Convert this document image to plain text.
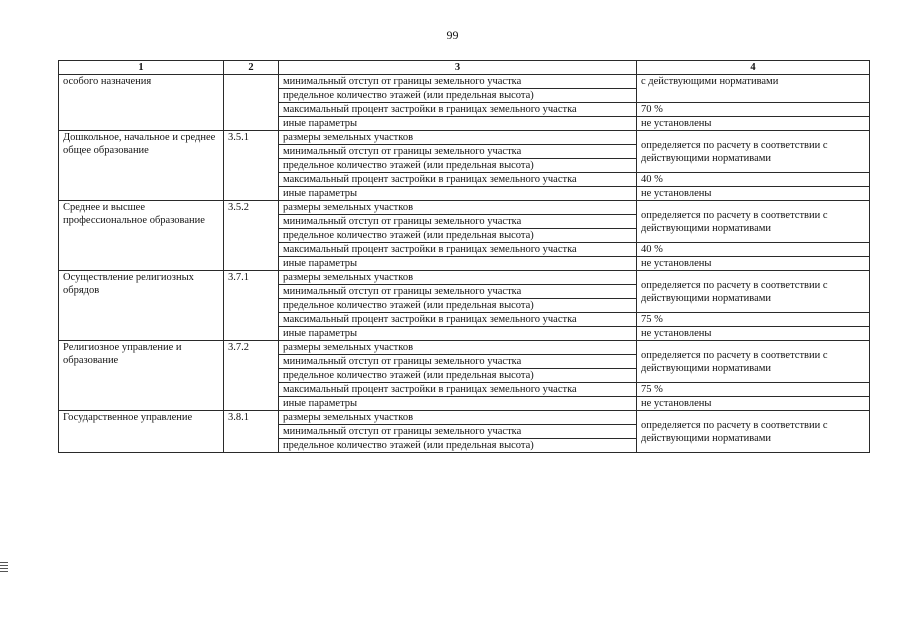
99
1	2	3	4
особого назначения		минимальный отступ от границы земельного участка	с действующими нормативами
		предельное количество этажей (или предельная высота)	
		максимальный процент застройки в границах земельного участка	70 %
		иные параметры	не установлены
Дошкольное, начальное и среднее общее образование	3.5.1	размеры земельных участков	определяется по расчету в соответствии с действующими нормативами
		минимальный отступ от границы земельного участка	
		предельное количество этажей (или предельная высота)	
		максимальный процент застройки в границах земельного участка	40 %
		иные параметры	не установлены
Среднее и высшее профессиональное образование	3.5.2	размеры земельных участков	определяется по расчету в соответствии с действующими нормативами
		минимальный отступ от границы земельного участка	
		предельное количество этажей (или предельная высота)	
		максимальный процент застройки в границах земельного участка	40 %
		иные параметры	не установлены
Осуществление религиозных обрядов	3.7.1	размеры земельных участков	определяется по расчету в соответствии с действующими нормативами
		минимальный отступ от границы земельного участка	
		предельное количество этажей (или предельная высота)	
		максимальный процент застройки в границах земельного участка	75 %
		иные параметры	не установлены
Религиозное управление и образование	3.7.2	размеры земельных участков	определяется по расчету в соответствии с действующими нормативами
		минимальный отступ от границы земельного участка	
		предельное количество этажей (или предельная высота)	
		максимальный процент застройки в границах земельного участка	75 %
		иные параметры	не установлены
Государственное управление	3.8.1	размеры земельных участков	определяется по расчету в соответствии с действующими нормативами
		минимальный отступ от границы земельного участка	
		предельное количество этажей (или предельная высота)	
